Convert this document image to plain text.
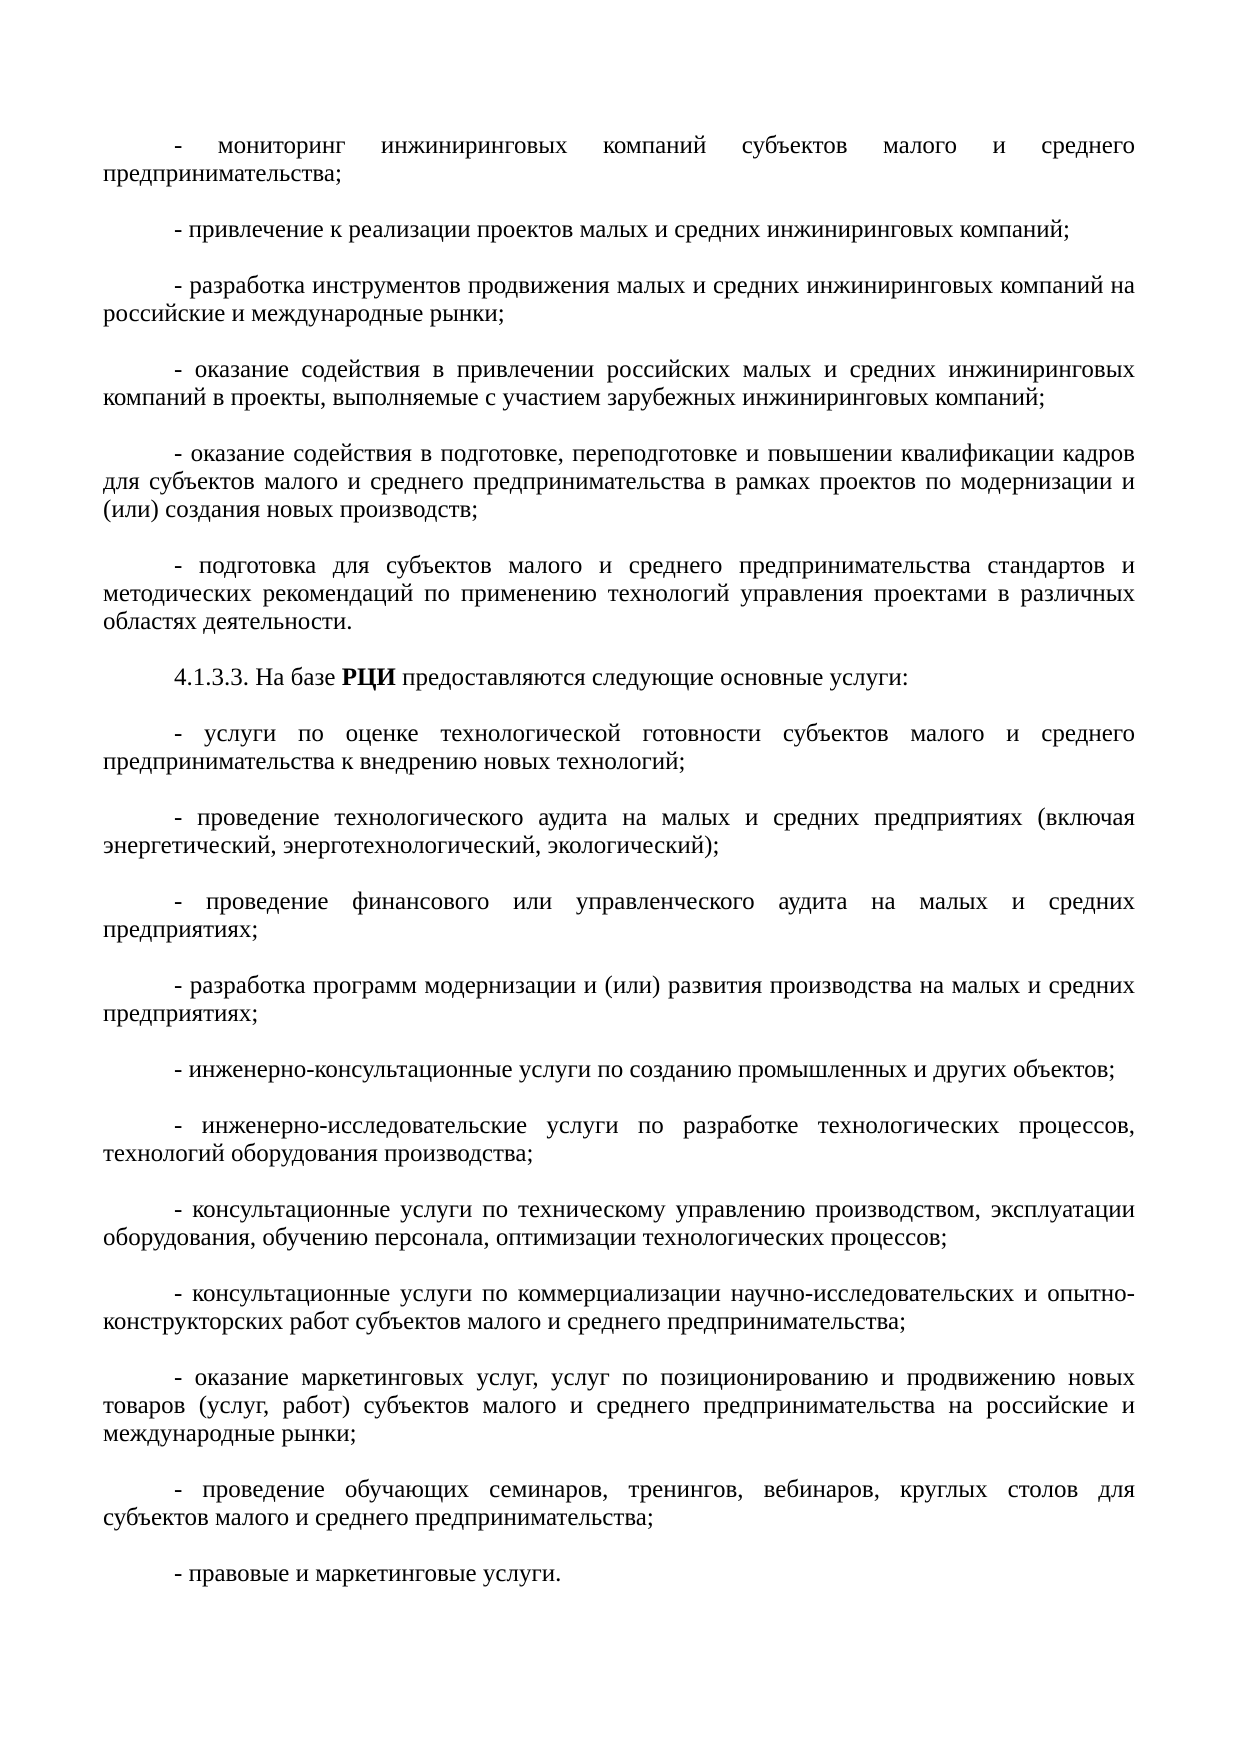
- мониторинг инжиниринговых компаний субъектов малого и среднего предпринимательства;

- привлечение к реализации проектов малых и средних инжиниринговых компаний;

- разработка инструментов продвижения малых и средних инжиниринговых компаний на российские и международные рынки;

- оказание содействия в привлечении российских малых и средних инжиниринговых компаний в проекты, выполняемые с участием зарубежных инжиниринговых компаний;

- оказание содействия в подготовке, переподготовке и повышении квалификации кадров для субъектов малого и среднего предпринимательства в рамках проектов по модернизации и (или) создания новых производств;

- подготовка для субъектов малого и среднего предпринимательства стандартов и методических рекомендаций по применению технологий управления проектами в различных областях деятельности.

4.1.3.3. На базе РЦИ предоставляются следующие основные услуги:

- услуги по оценке технологической готовности субъектов малого и среднего предпринимательства к внедрению новых технологий;

- проведение технологического аудита на малых и средних предприятиях (включая энергетический, энерготехнологический, экологический);

- проведение финансового или управленческого аудита на малых и средних предприятиях;

- разработка программ модернизации и (или) развития производства на малых и средних предприятиях;

- инженерно-консультационные услуги по созданию промышленных и других объектов;

- инженерно-исследовательские услуги по разработке технологических процессов, технологий оборудования производства;

- консультационные услуги по техническому управлению производством, эксплуатации оборудования, обучению персонала, оптимизации технологических процессов;

- консультационные услуги по коммерциализации научно-исследовательских и опытно-конструкторских работ субъектов малого и среднего предпринимательства;

- оказание маркетинговых услуг, услуг по позиционированию и продвижению новых товаров (услуг, работ) субъектов малого и среднего предпринимательства на российские и международные рынки;

- проведение обучающих семинаров, тренингов, вебинаров, круглых столов для субъектов малого и среднего предпринимательства;

- правовые и маркетинговые услуги.
